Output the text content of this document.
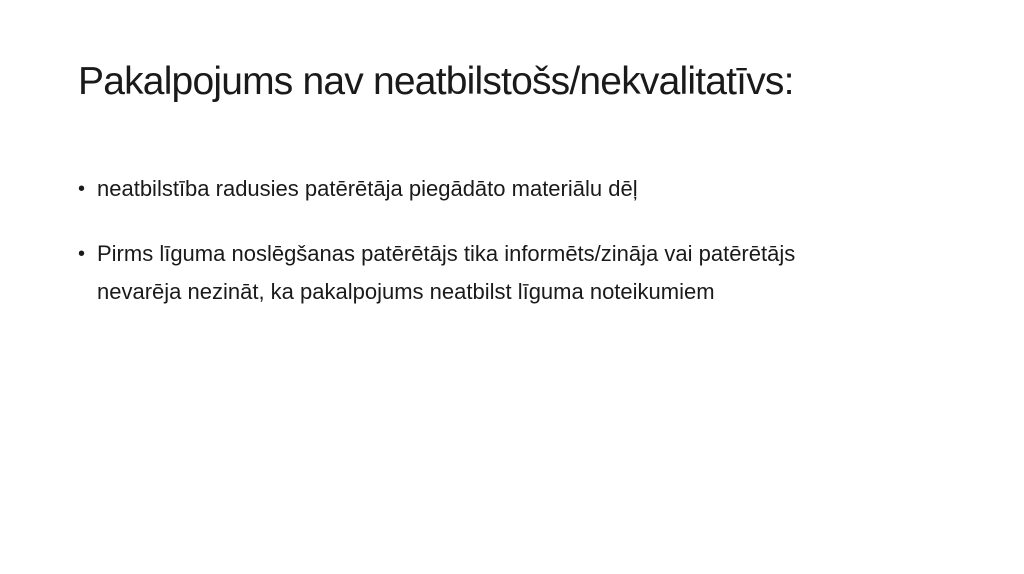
Pakalpojums nav neatbilstošs/nekvalitatīvs:
• neatbilstība radusies patērētāja piegādāto materiālu dēļ
• Pirms līguma noslēgšanas patērētājs tika informēts/zināja vai patērētājs nevarēja nezināt, ka pakalpojums neatbilst līguma noteikumiem
